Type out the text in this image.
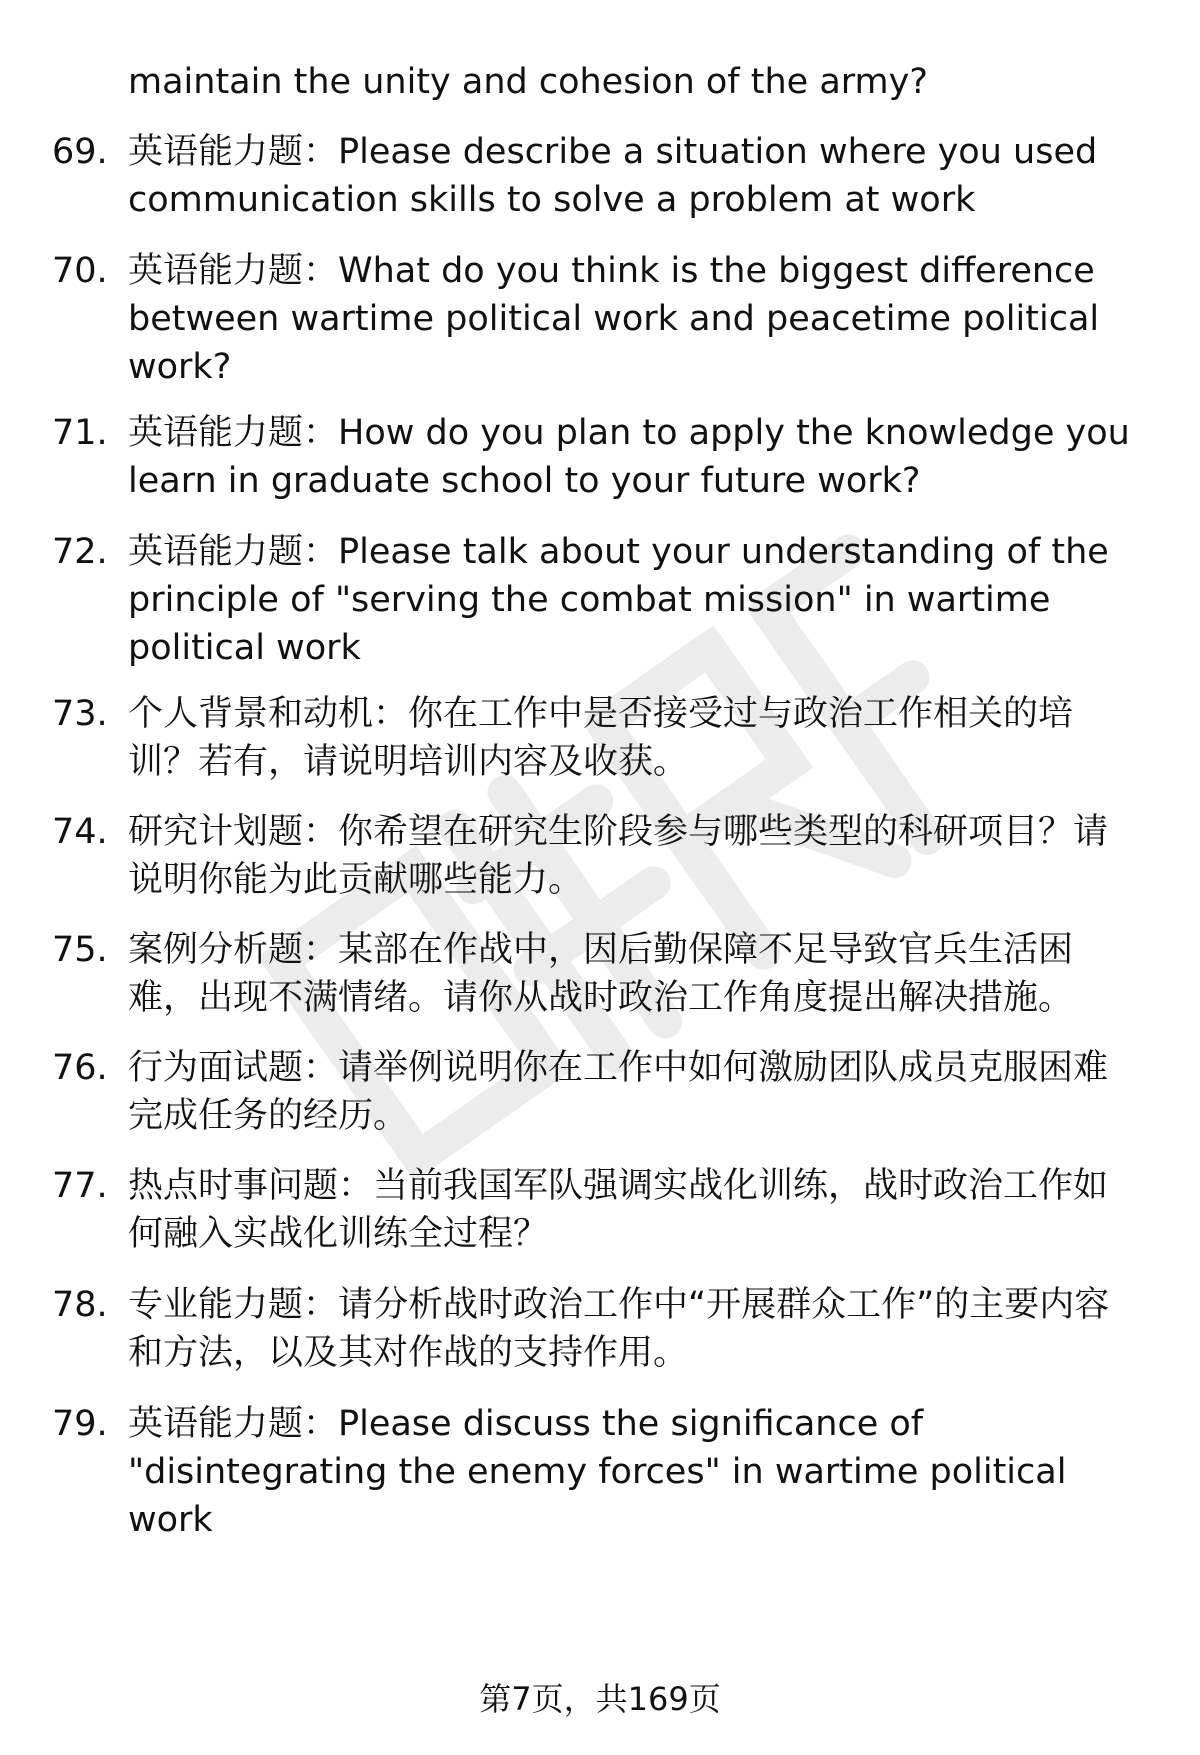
maintain the unity and cohesion of the army?

69. 英语能力题：Please describe a situation where you used communication skills to solve a problem at work
70. 英语能力题：What do you think is the biggest difference between wartime political work and peacetime political work?
71. 英语能力题：How do you plan to apply the knowledge you learn in graduate school to your future work?
72. 英语能力题：Please talk about your understanding of the principle of "serving the combat mission" in wartime political work
73. 个人背景和动机：你在工作中是否接受过与政治工作相关的培训？若有，请说明培训内容及收获。
74. 研究计划题：你希望在研究生阶段参与哪些类型的科研项目？请说明你能为此贡献哪些能力。
75. 案例分析题：某部在作战中，因后勤保障不足导致官兵生活困难，出现不满情绪。请你从战时政治工作角度提出解决措施。
76. 行为面试题：请举例说明你在工作中如何激励团队成员克服困难完成任务的经历。
77. 热点时事问题：当前我国军队强调实战化训练，战时政治工作如何融入实战化训练全过程？
78. 专业能力题：请分析战时政治工作中“开展群众工作”的主要内容和方法，以及其对作战的支持作用。
79. 英语能力题：Please discuss the significance of "disintegrating the enemy forces" in wartime political work
第7页，共169页
